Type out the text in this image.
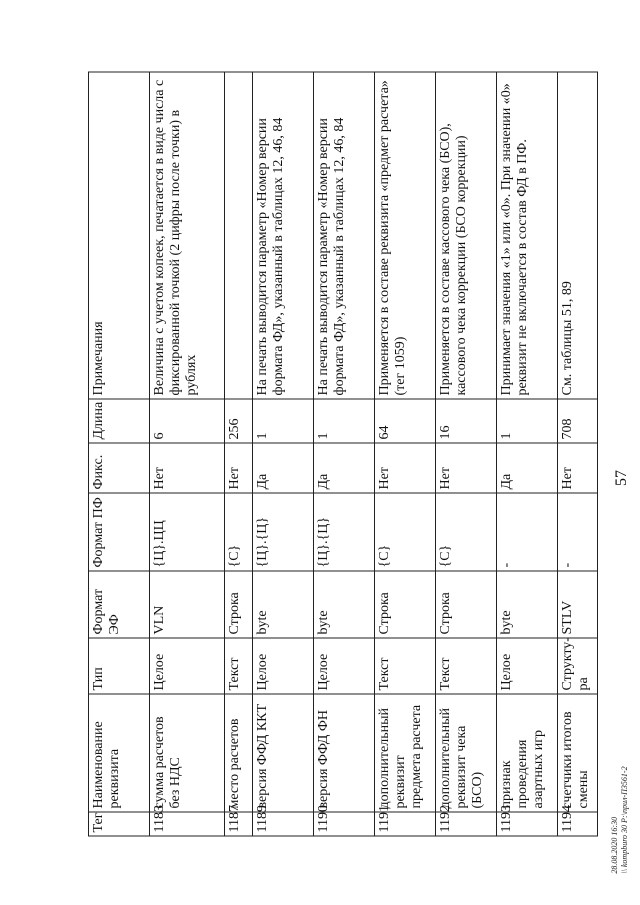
57
Тег	Наименование реквизита	Тип	Формат ЭФ	Формат ПФ	Фикс.	Длина	Примечания
1183	сумма расчетов без НДС	Целое	VLN	{Ц}.ЦЦ	Нет	6	Величина с учетом копеек, печатается в виде числа с фиксированной точкой (2 цифры после точки) в рублях
1187	место расчетов	Текст	Строка	{С}	Нет	256	
1189	версия ФФД ККТ	Целое	byte	{Ц}.{Ц}	Да	1	На печать выводится параметр «Номер версии формата ФД», указанный в таблицах 12, 46, 84
1190	версия ФФД ФН	Целое	byte	{Ц}.{Ц}	Да	1	На печать выводится параметр «Номер версии формата ФД», указанный в таблицах 12, 46, 84
1191	дополнительный реквизит предмета расчета	Текст	Строка	{С}	Нет	64	Применяется в составе реквизита «предмет расчета» (тег 1059)
1192	дополнительный реквизит чека (БСО)	Текст	Строка	{С}	Нет	16	Применяется в составе кассового чека (БСО), кассового чека коррекции (БСО коррекции)
1193	признак проведения азартных игр	Целое	byte	-	Да	1	Принимает значения «1» или «0». При значении «0» реквизит не включается в состав ФД в ПФ.
1194	счетчики итогов смены	Структу-ра	STLV	-	Нет	708	См. таблицы 51, 89
28.08.2020 16:30 \\ kompburo 30 Р:\прил-П3561-2
